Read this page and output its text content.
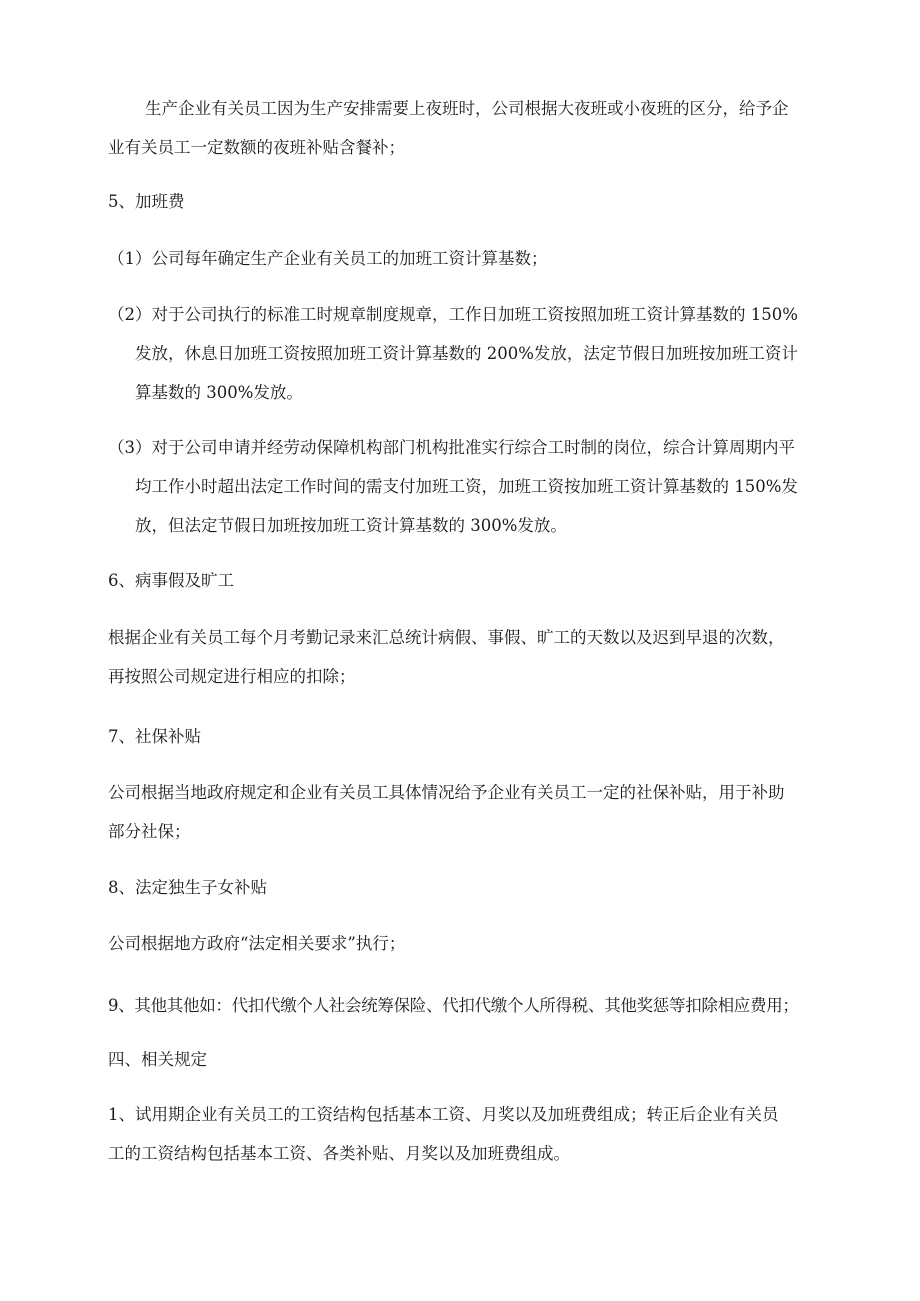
生产企业有关员工因为生产安排需要上夜班时，公司根据大夜班或小夜班的区分，给予企
业有关员工一定数额的夜班补贴含餐补；
5、加班费
（1）公司每年确定生产企业有关员工的加班工资计算基数；
（2）对于公司执行的标准工时规章制度规章，工作日加班工资按照加班工资计算基数的 150%
发放，休息日加班工资按照加班工资计算基数的 200%发放，法定节假日加班按加班工资计
算基数的 300%发放。
（3）对于公司申请并经劳动保障机构部门机构批准实行综合工时制的岗位，综合计算周期内平
均工作小时超出法定工作时间的需支付加班工资，加班工资按加班工资计算基数的 150%发
放，但法定节假日加班按加班工资计算基数的 300%发放。
6、病事假及旷工
根据企业有关员工每个月考勤记录来汇总统计病假、事假、旷工的天数以及迟到早退的次数，
再按照公司规定进行相应的扣除；
7、社保补贴
公司根据当地政府规定和企业有关员工具体情况给予企业有关员工一定的社保补贴，用于补助
部分社保；
8、法定独生子女补贴
公司根据地方政府“法定相关要求”执行；
9、其他其他如：代扣代缴个人社会统筹保险、代扣代缴个人所得税、其他奖惩等扣除相应费用；
四、相关规定
1、试用期企业有关员工的工资结构包括基本工资、月奖以及加班费组成；转正后企业有关员
工的工资结构包括基本工资、各类补贴、月奖以及加班费组成。
